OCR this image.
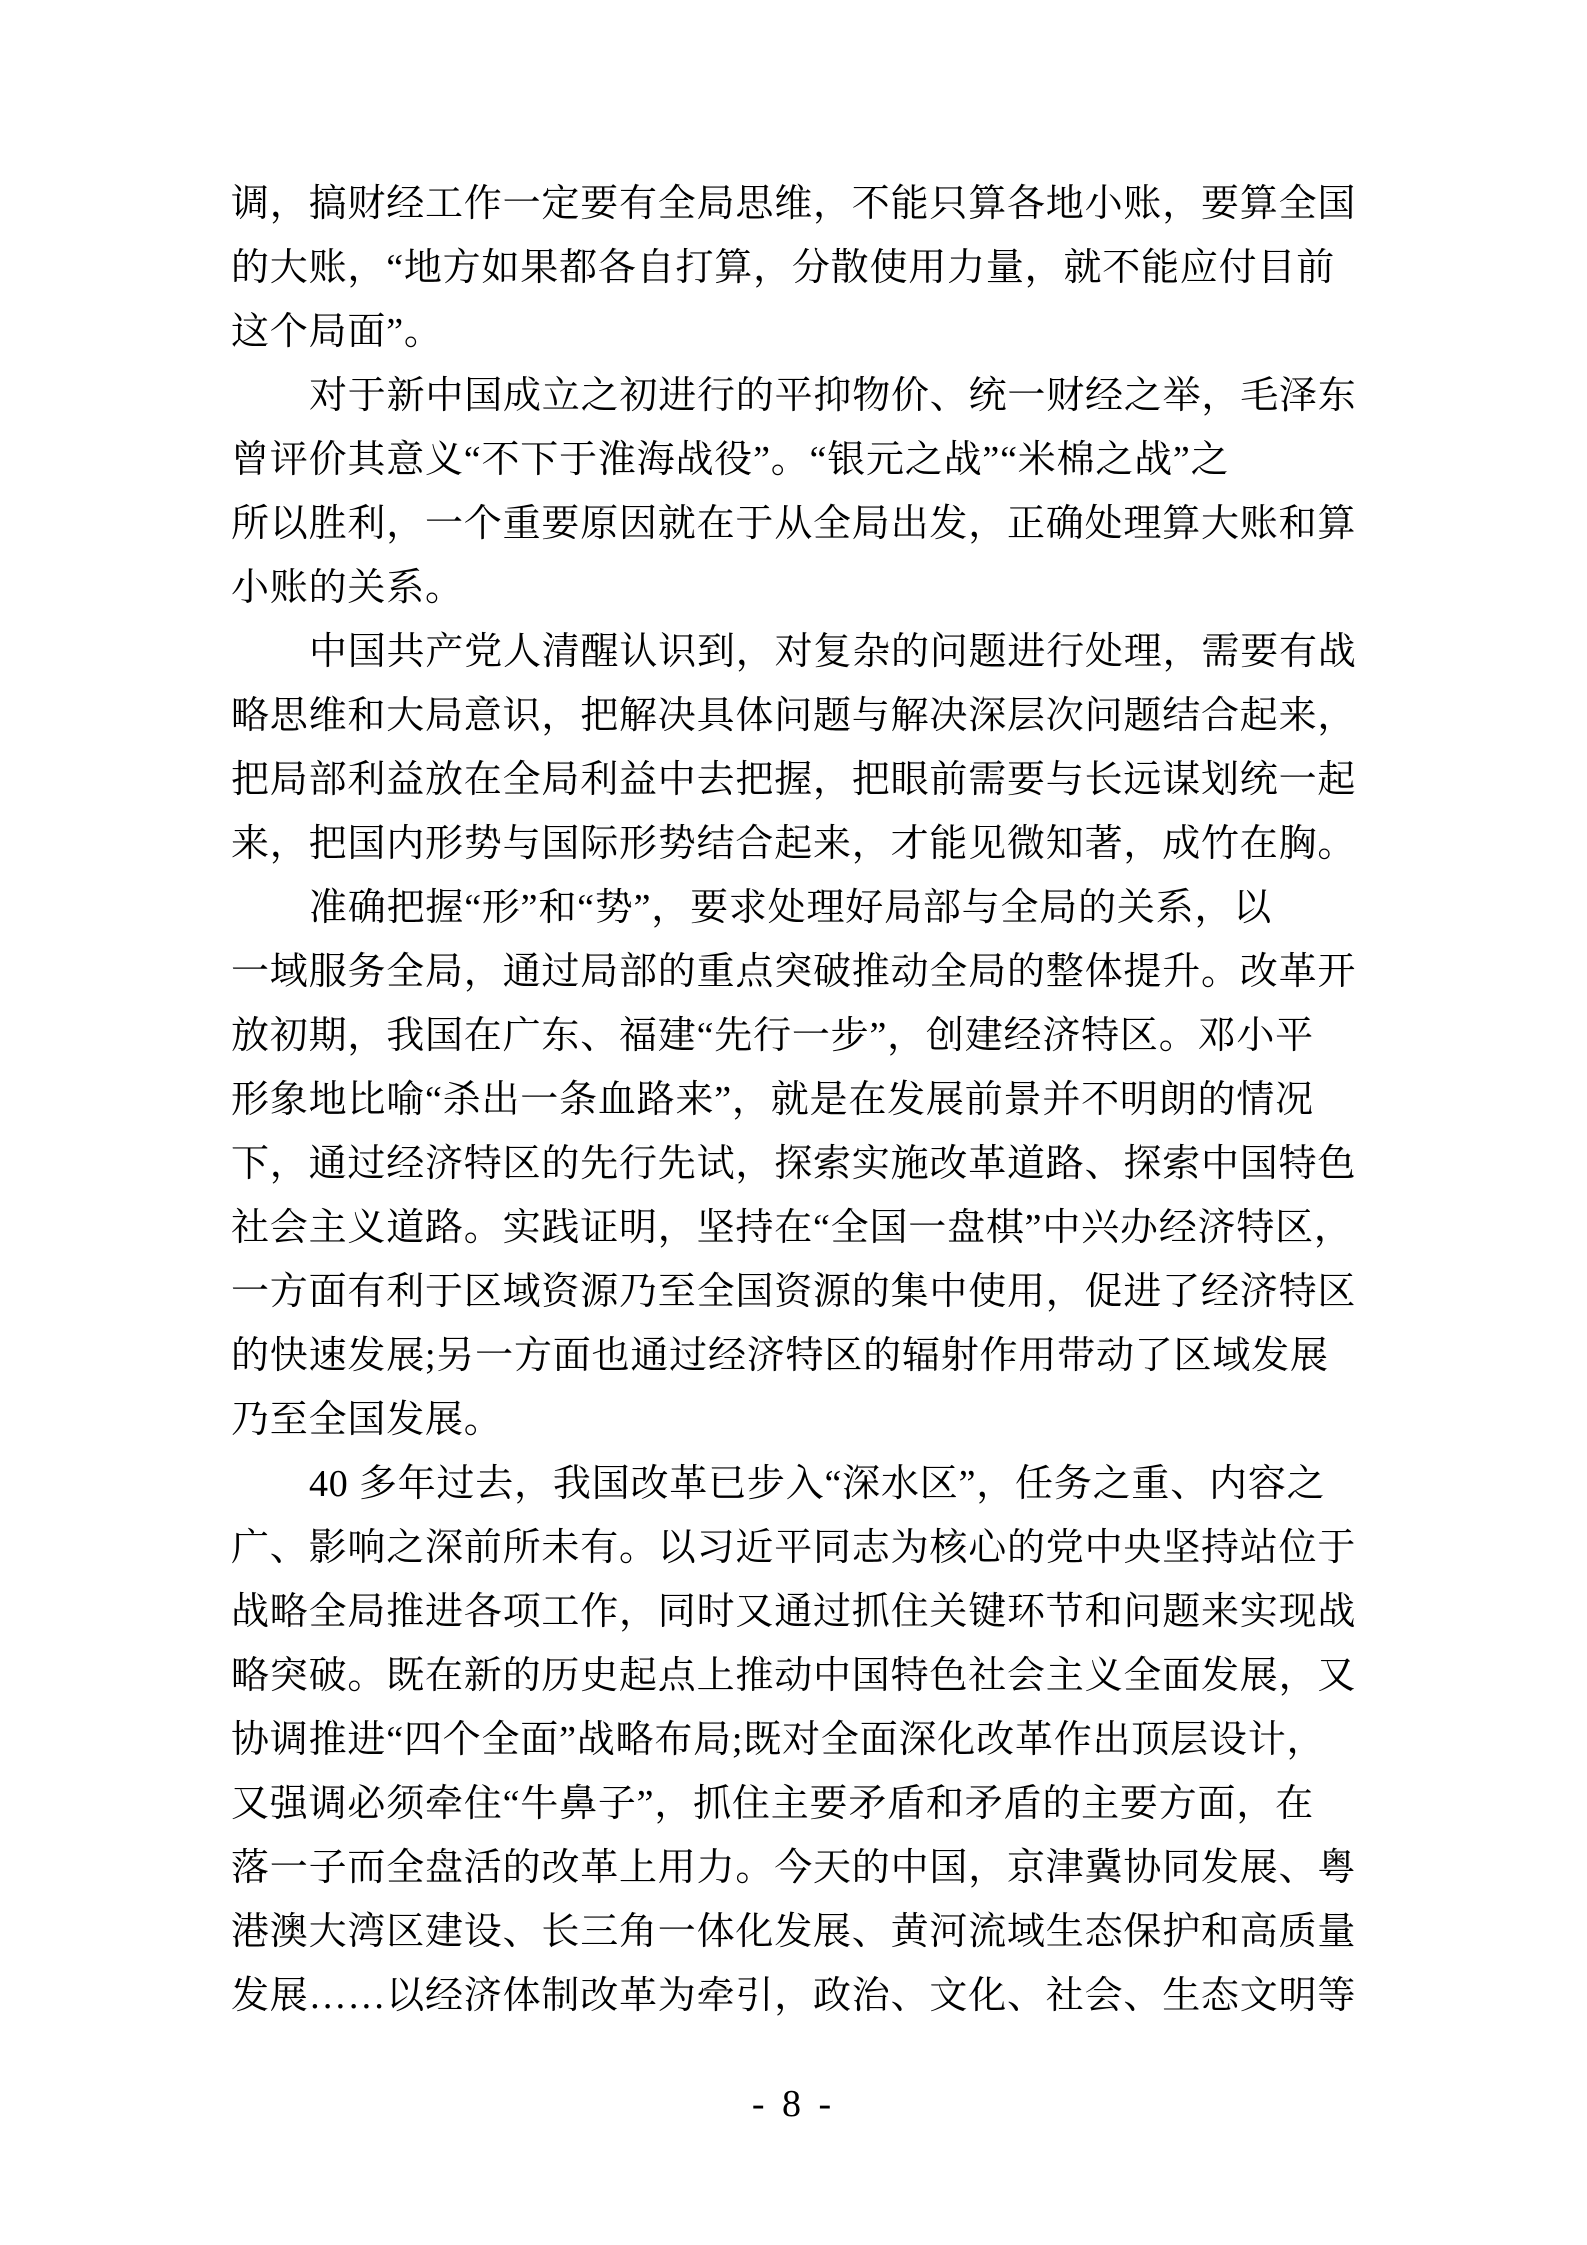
调，搞财经工作一定要有全局思维，不能只算各地小账，要算全国
的大账，“地方如果都各自打算，分散使用力量，就不能应付目前
这个局面”。
对于新中国成立之初进行的平抑物价、统一财经之举，毛泽东
曾评价其意义“不下于淮海战役”。“银元之战”“米棉之战”之
所以胜利，一个重要原因就在于从全局出发，正确处理算大账和算
小账的关系。
中国共产党人清醒认识到，对复杂的问题进行处理，需要有战
略思维和大局意识，把解决具体问题与解决深层次问题结合起来，
把局部利益放在全局利益中去把握，把眼前需要与长远谋划统一起
来，把国内形势与国际形势结合起来，才能见微知著，成竹在胸。
准确把握“形”和“势”，要求处理好局部与全局的关系，以
一域服务全局，通过局部的重点突破推动全局的整体提升。改革开
放初期，我国在广东、福建“先行一步”，创建经济特区。邓小平
形象地比喻“杀出一条血路来”，就是在发展前景并不明朗的情况
下，通过经济特区的先行先试，探索实施改革道路、探索中国特色
社会主义道路。实践证明，坚持在“全国一盘棋”中兴办经济特区，
一方面有利于区域资源乃至全国资源的集中使用，促进了经济特区
的快速发展;另一方面也通过经济特区的辐射作用带动了区域发展
乃至全国发展。
40 多年过去，我国改革已步入“深水区”，任务之重、内容之
广、影响之深前所未有。以习近平同志为核心的党中央坚持站位于
战略全局推进各项工作，同时又通过抓住关键环节和问题来实现战
略突破。既在新的历史起点上推动中国特色社会主义全面发展，又
协调推进“四个全面”战略布局;既对全面深化改革作出顶层设计，
又强调必须牵住“牛鼻子”，抓住主要矛盾和矛盾的主要方面，在
落一子而全盘活的改革上用力。今天的中国，京津冀协同发展、粤
港澳大湾区建设、长三角一体化发展、黄河流域生态保护和高质量
发展……以经济体制改革为牵引，政治、文化、社会、生态文明等
- 8 -
